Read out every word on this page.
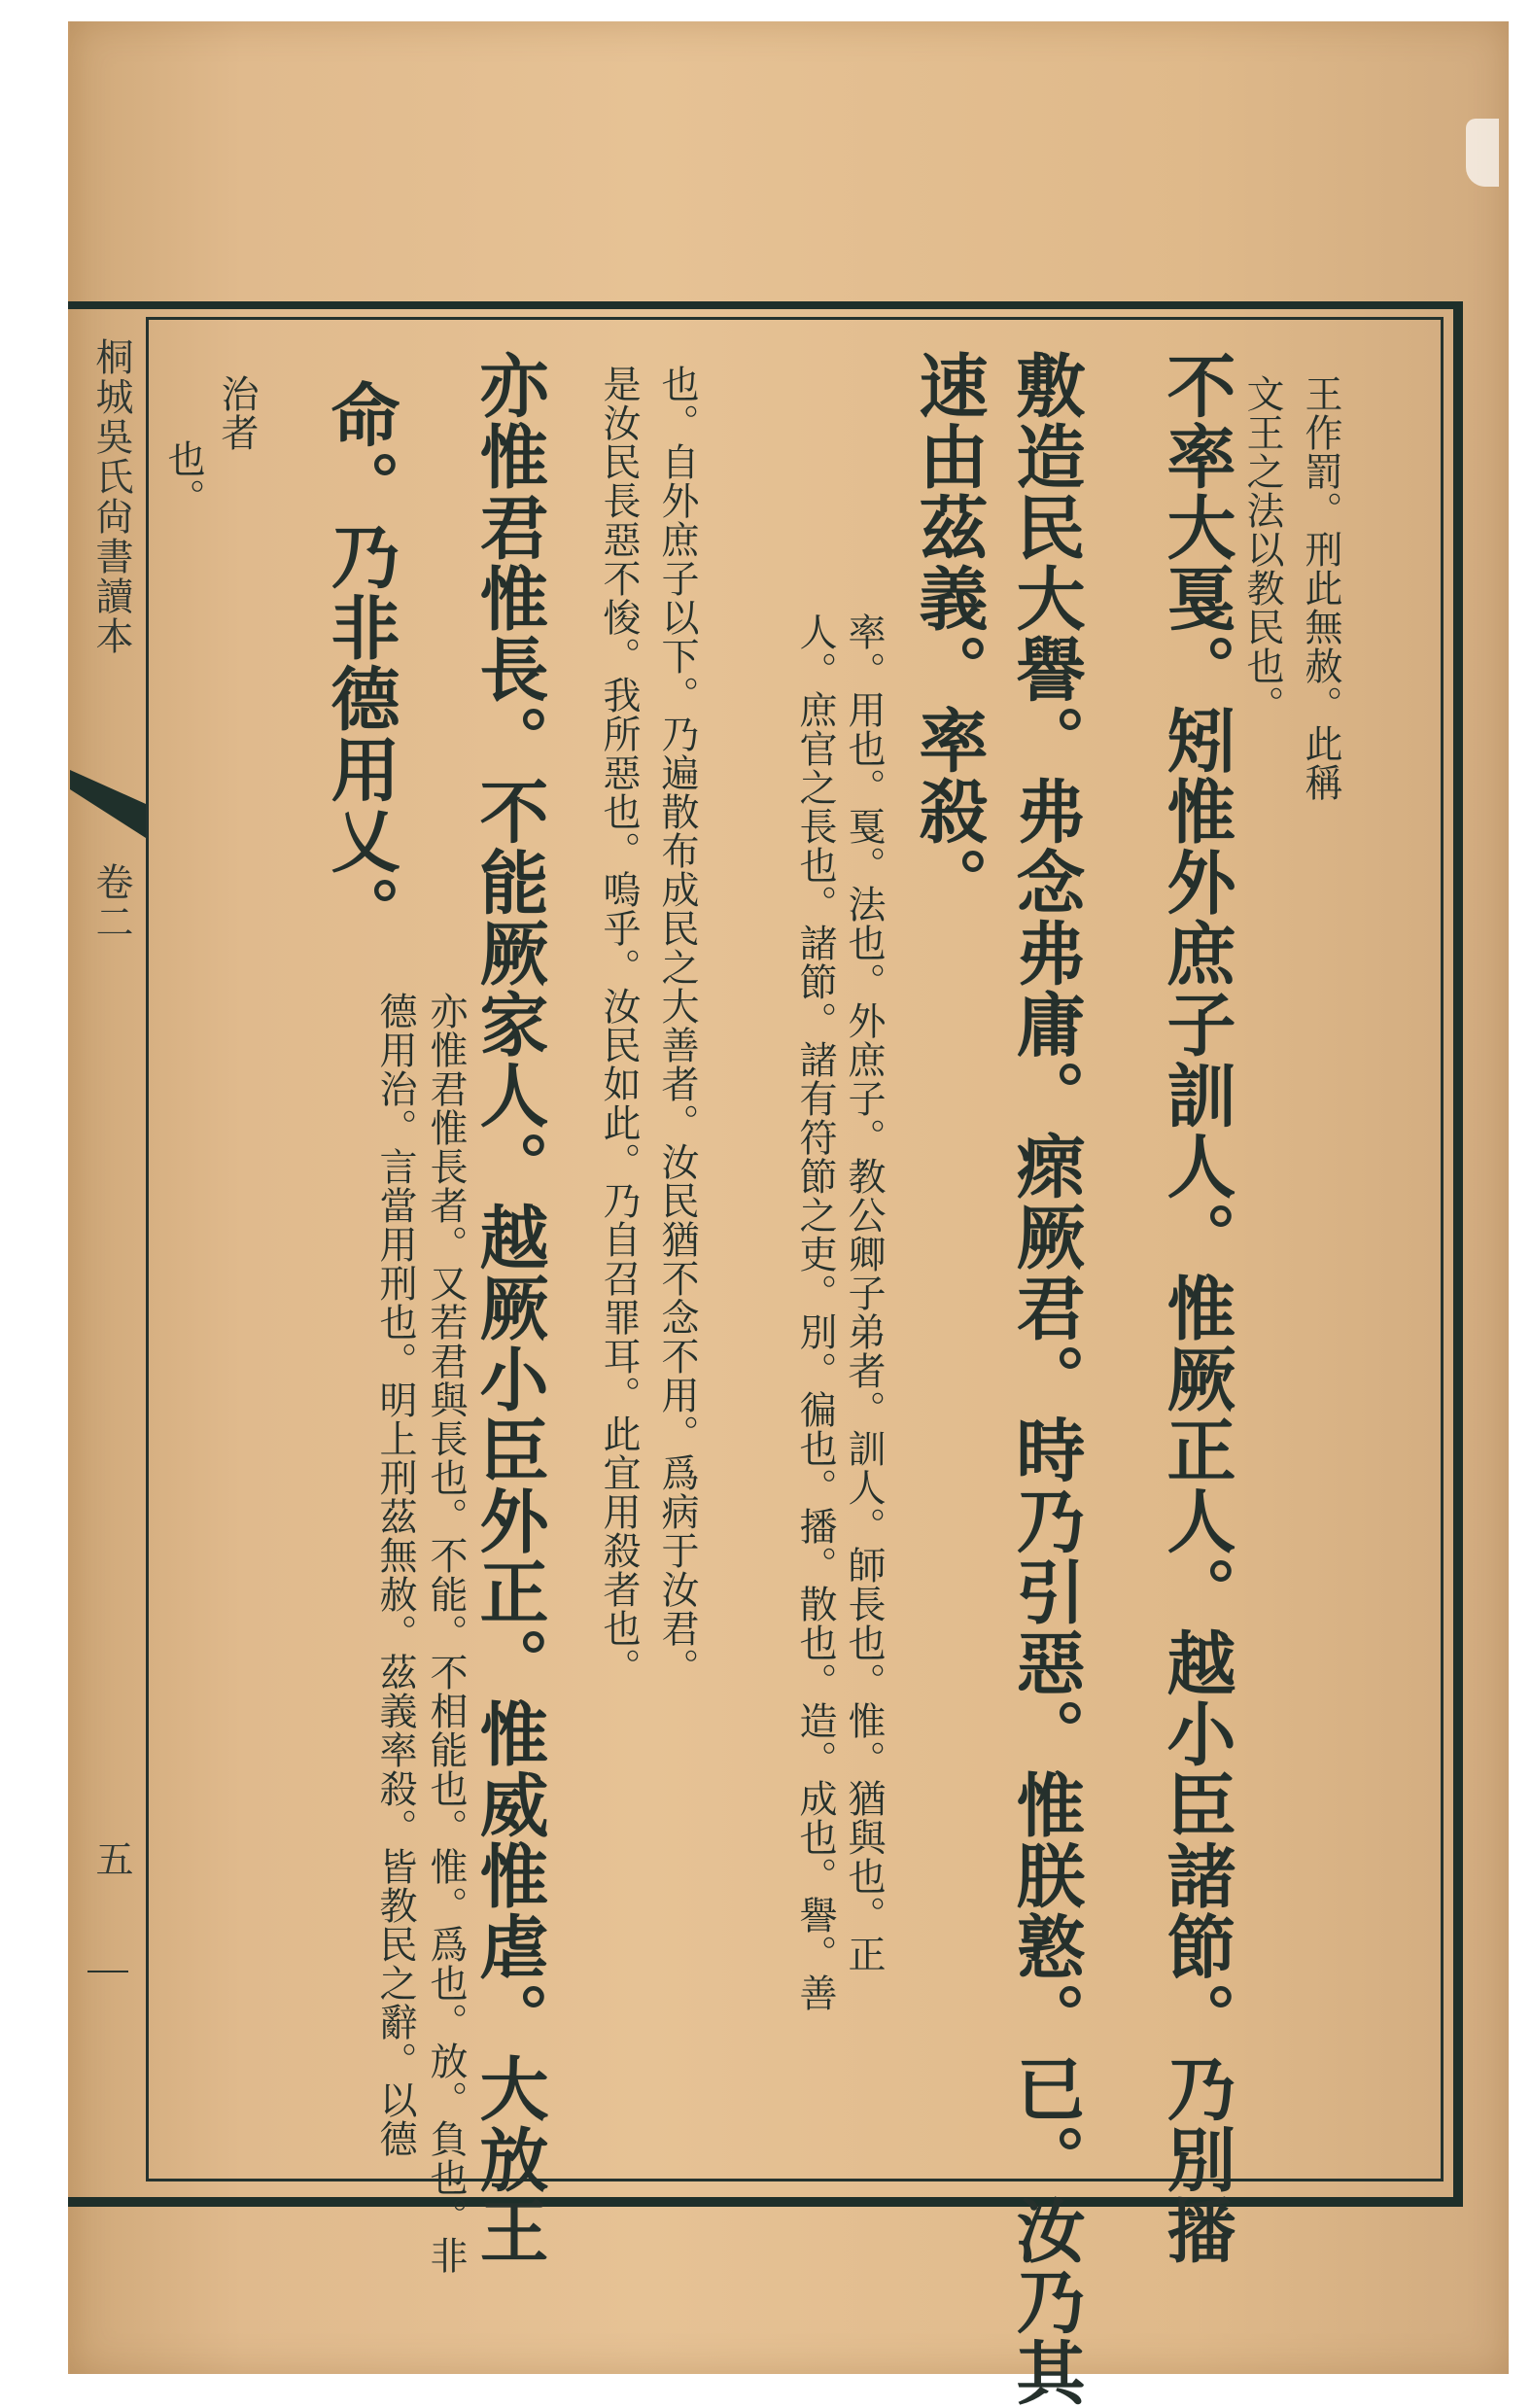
桐城吳氏尙書讀本
卷二
五
王作罰。刑此無赦。此稱
文王之法以教民也。
不率大戛。矧惟外庶子訓人。惟厥正人。越小臣諸節。乃別播
敷造民大譽。弗念弗庸。瘝厥君。時乃引惡。惟朕憝。已。汝乃其
速由茲義。率殺。
率。用也。戛。法也。外庶子。教公卿子弟者。訓人。師長也。惟。猶與也。正
人。庶官之長也。諸節。諸有符節之吏。別。徧也。播。散也。造。成也。譽。善
也。自外庶子以下。乃遍散布成民之大善者。汝民猶不念不用。爲病于汝君。
是汝民長惡不悛。我所惡也。嗚乎。汝民如此。乃自召罪耳。此宜用殺者也。
亦惟君惟長。不能厥家人。越厥小臣外正。惟威惟虐。大放王
命。乃非德用乂。
亦惟君惟長者。又若君與長也。不能。不相能也。惟。爲也。放。負也。非
德用治。言當用刑也。明上刑茲無赦。茲義率殺。皆教民之辭。以德
治者
也。
